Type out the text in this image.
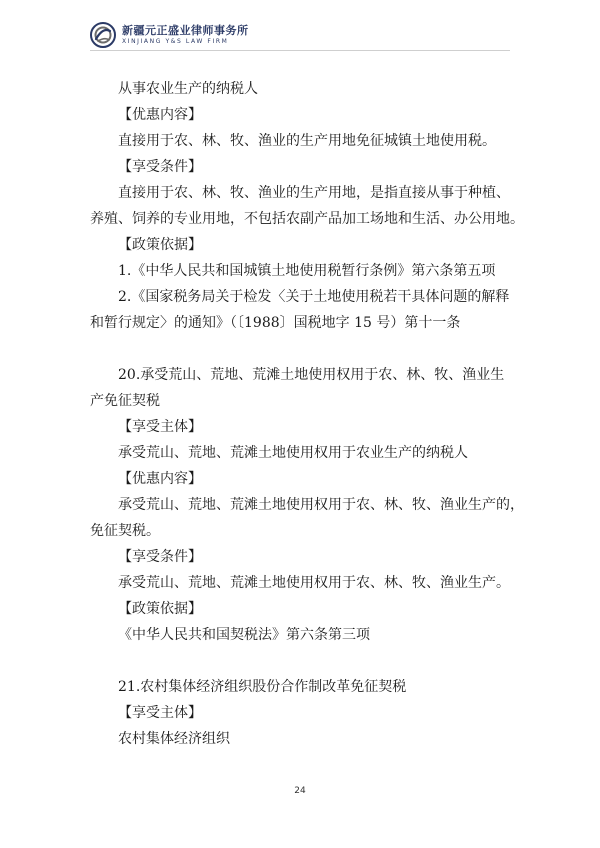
新疆元正盛业律师事务所
XINJIANG Y&S LAW FIRM

从事农业生产的纳税人

【优惠内容】

直接用于农、林、牧、渔业的生产用地免征城镇土地使用税。

【享受条件】

直接用于农、林、牧、渔业的生产用地，是指直接从事于种植、

养殖、饲养的专业用地，不包括农副产品加工场地和生活、办公用地。

【政策依据】

1.《中华人民共和国城镇土地使用税暂行条例》第六条第五项

2.《国家税务局关于检发〈关于土地使用税若干具体问题的解释

和暂行规定〉的通知》（〔1988〕国税地字 15 号）第十一条

20.承受荒山、荒地、荒滩土地使用权用于农、林、牧、渔业生

产免征契税

【享受主体】

承受荒山、荒地、荒滩土地使用权用于农业生产的纳税人

【优惠内容】

承受荒山、荒地、荒滩土地使用权用于农、林、牧、渔业生产的，

免征契税。

【享受条件】

承受荒山、荒地、荒滩土地使用权用于农、林、牧、渔业生产。

【政策依据】

《中华人民共和国契税法》第六条第三项

21.农村集体经济组织股份合作制改革免征契税

【享受主体】

农村集体经济组织

24
